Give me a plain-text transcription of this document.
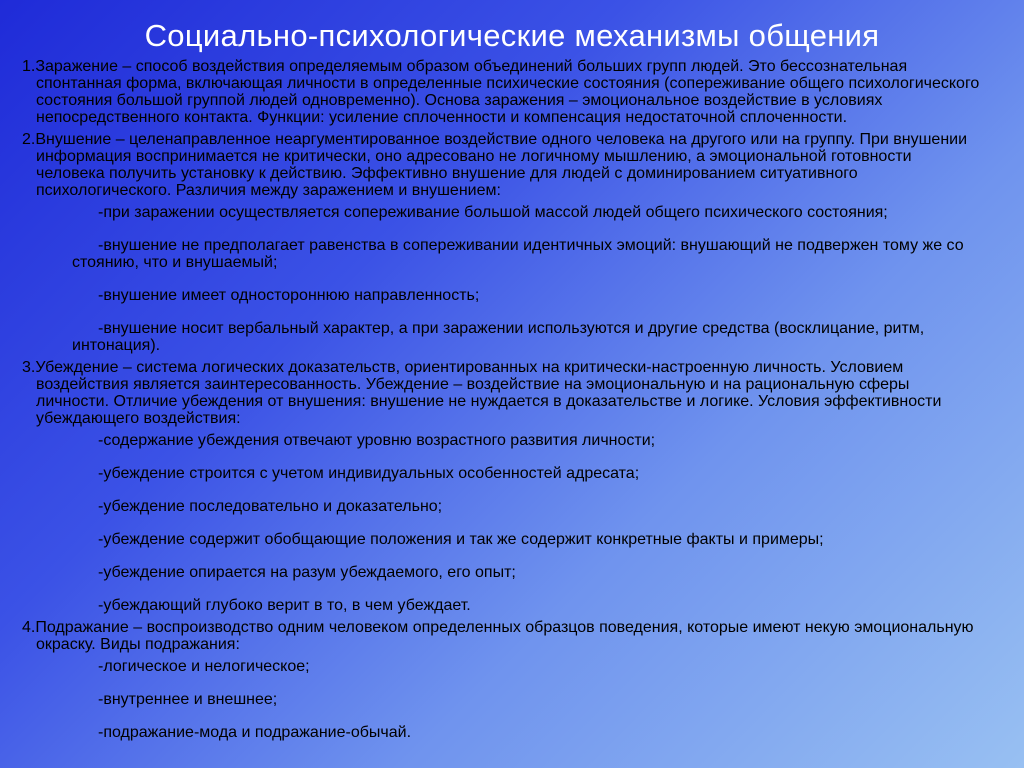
Социально-психологические механизмы общения

1.Заражение – способ воздействия определяемым образом объединений больших групп людей. Это бессознательная спонтанная форма, включающая личности в определенные психические состояния (сопереживание общего психологического состояния большой группой людей одновременно). Основа заражения – эмоциональное воздействие в условиях непосредственного контакта. Функции: усиление сплоченности и компенсация недостаточной сплоченности.

2.Внушение – целенаправленное неаргументированное воздействие одного человека на другого или на группу. При внушении информация воспринимается не критически, оно адресовано не логичному мышлению, а эмоциональной готовности человека получить установку к действию. Эффективно внушение для людей с доминированием ситуативного психологического. Различия между заражением и внушением:

-при заражении осуществляется сопереживание большой массой людей общего психического состояния;

-внушение не предполагает равенства в сопереживании идентичных эмоций: внушающий не подвержен тому же со стоянию, что и внушаемый;

-внушение имеет одностороннюю направленность;

-внушение носит вербальный характер, а при заражении используются и другие средства (восклицание, ритм, интонация).

3.Убеждение – система логических доказательств, ориентированных на критически-настроенную личность. Условием воздействия является заинтересованность. Убеждение – воздействие на эмоциональную и на рациональную сферы личности. Отличие убеждения от внушения: внушение не нуждается в доказательстве и логике. Условия эффективности убеждающего воздействия:

-содержание убеждения отвечают уровню возрастного развития личности;

-убеждение строится с учетом индивидуальных особенностей адресата;

-убеждение последовательно и доказательно;

-убеждение содержит обобщающие положения и так же содержит конкретные факты и примеры;

-убеждение опирается на разум убеждаемого, его опыт;

-убеждающий глубоко верит в то, в чем убеждает.

4.Подражание – воспроизводство одним человеком определенных образцов поведения, которые имеют некую эмоциональную окраску. Виды подражания:

-логическое и нелогическое;

-внутреннее и внешнее;

-подражание-мода и подражание-обычай.
